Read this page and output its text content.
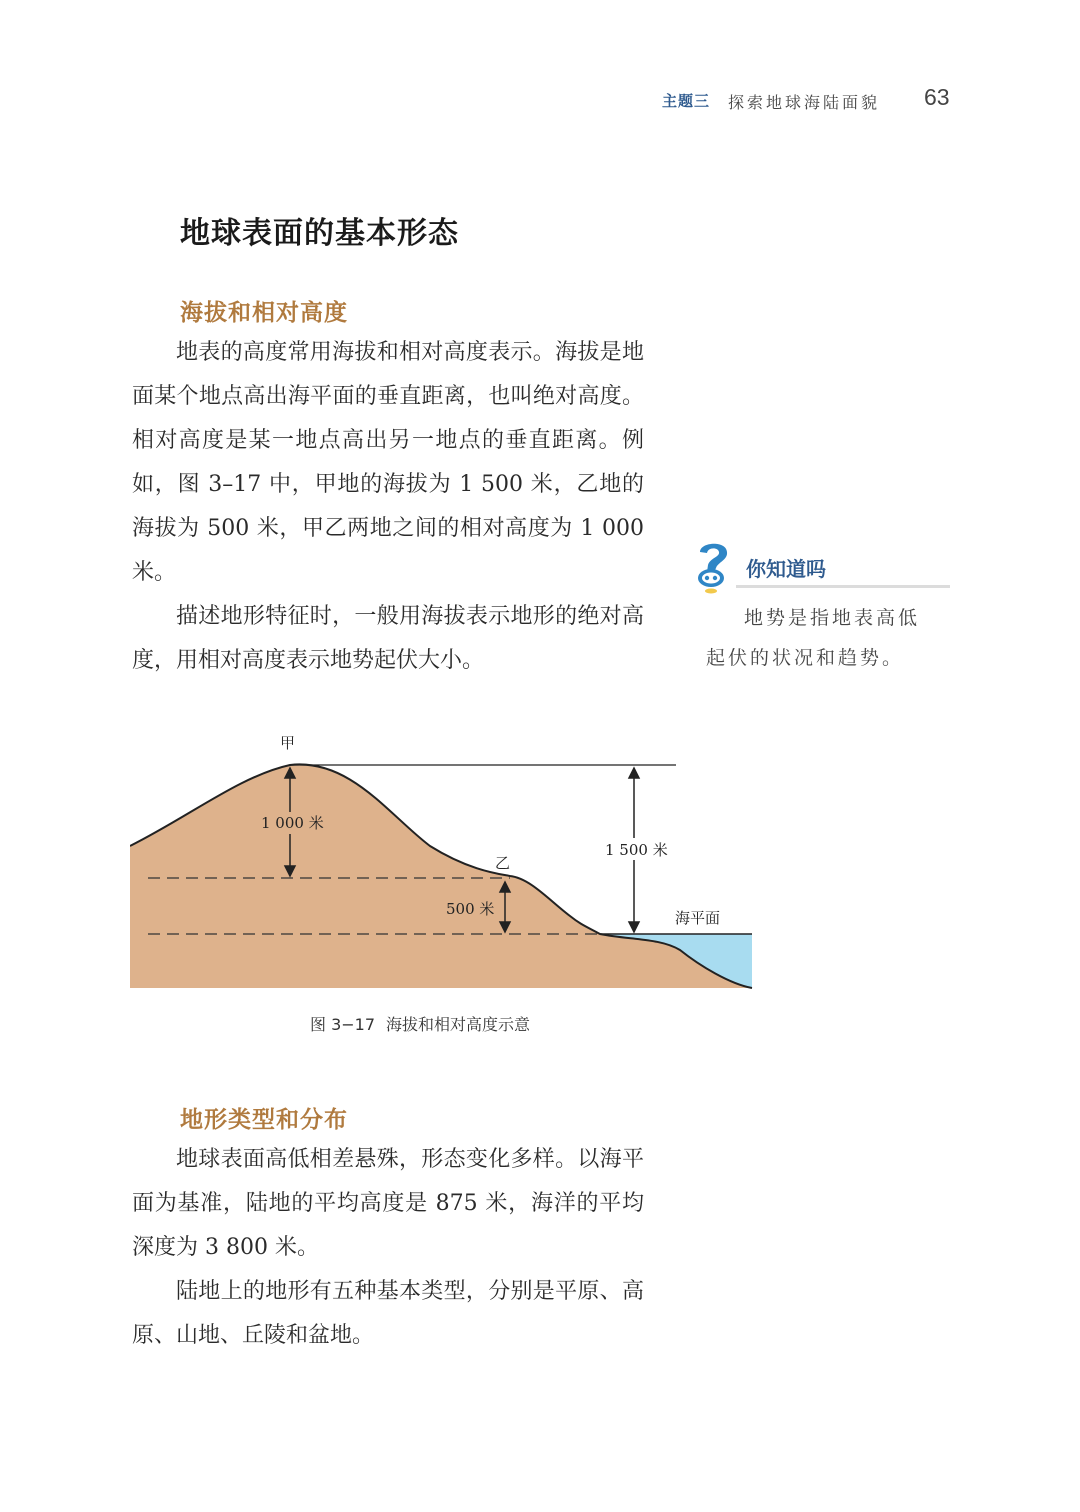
主题三 探索地球海陆面貌 63
地球表面的基本形态
海拔和相对高度

地表的高度常用海拔和相对高度表示。海拔是地面某个地点高出海平面的垂直距离，也叫绝对高度。相对高度是某一地点高出另一地点的垂直距离。例如，图 3–17 中，甲地的海拔为 1 500 米，乙地的海拔为 500 米，甲乙两地之间的相对高度为 1 000 米。

描述地形特征时，一般用海拔表示地形的绝对高度，用相对高度表示地势起伏大小。

你知道吗

地势是指地表高低起伏的状况和趋势。

甲
乙
1 000 米
1 500 米
500 米	海平面
图 3−17 海拔和相对高度示意
地形类型和分布

地球表面高低相差悬殊，形态变化多样。以海平面为基准，陆地的平均高度是 875 米，海洋的平均深度为 3 800 米。

陆地上的地形有五种基本类型，分别是平原、高原、山地、丘陵和盆地。
